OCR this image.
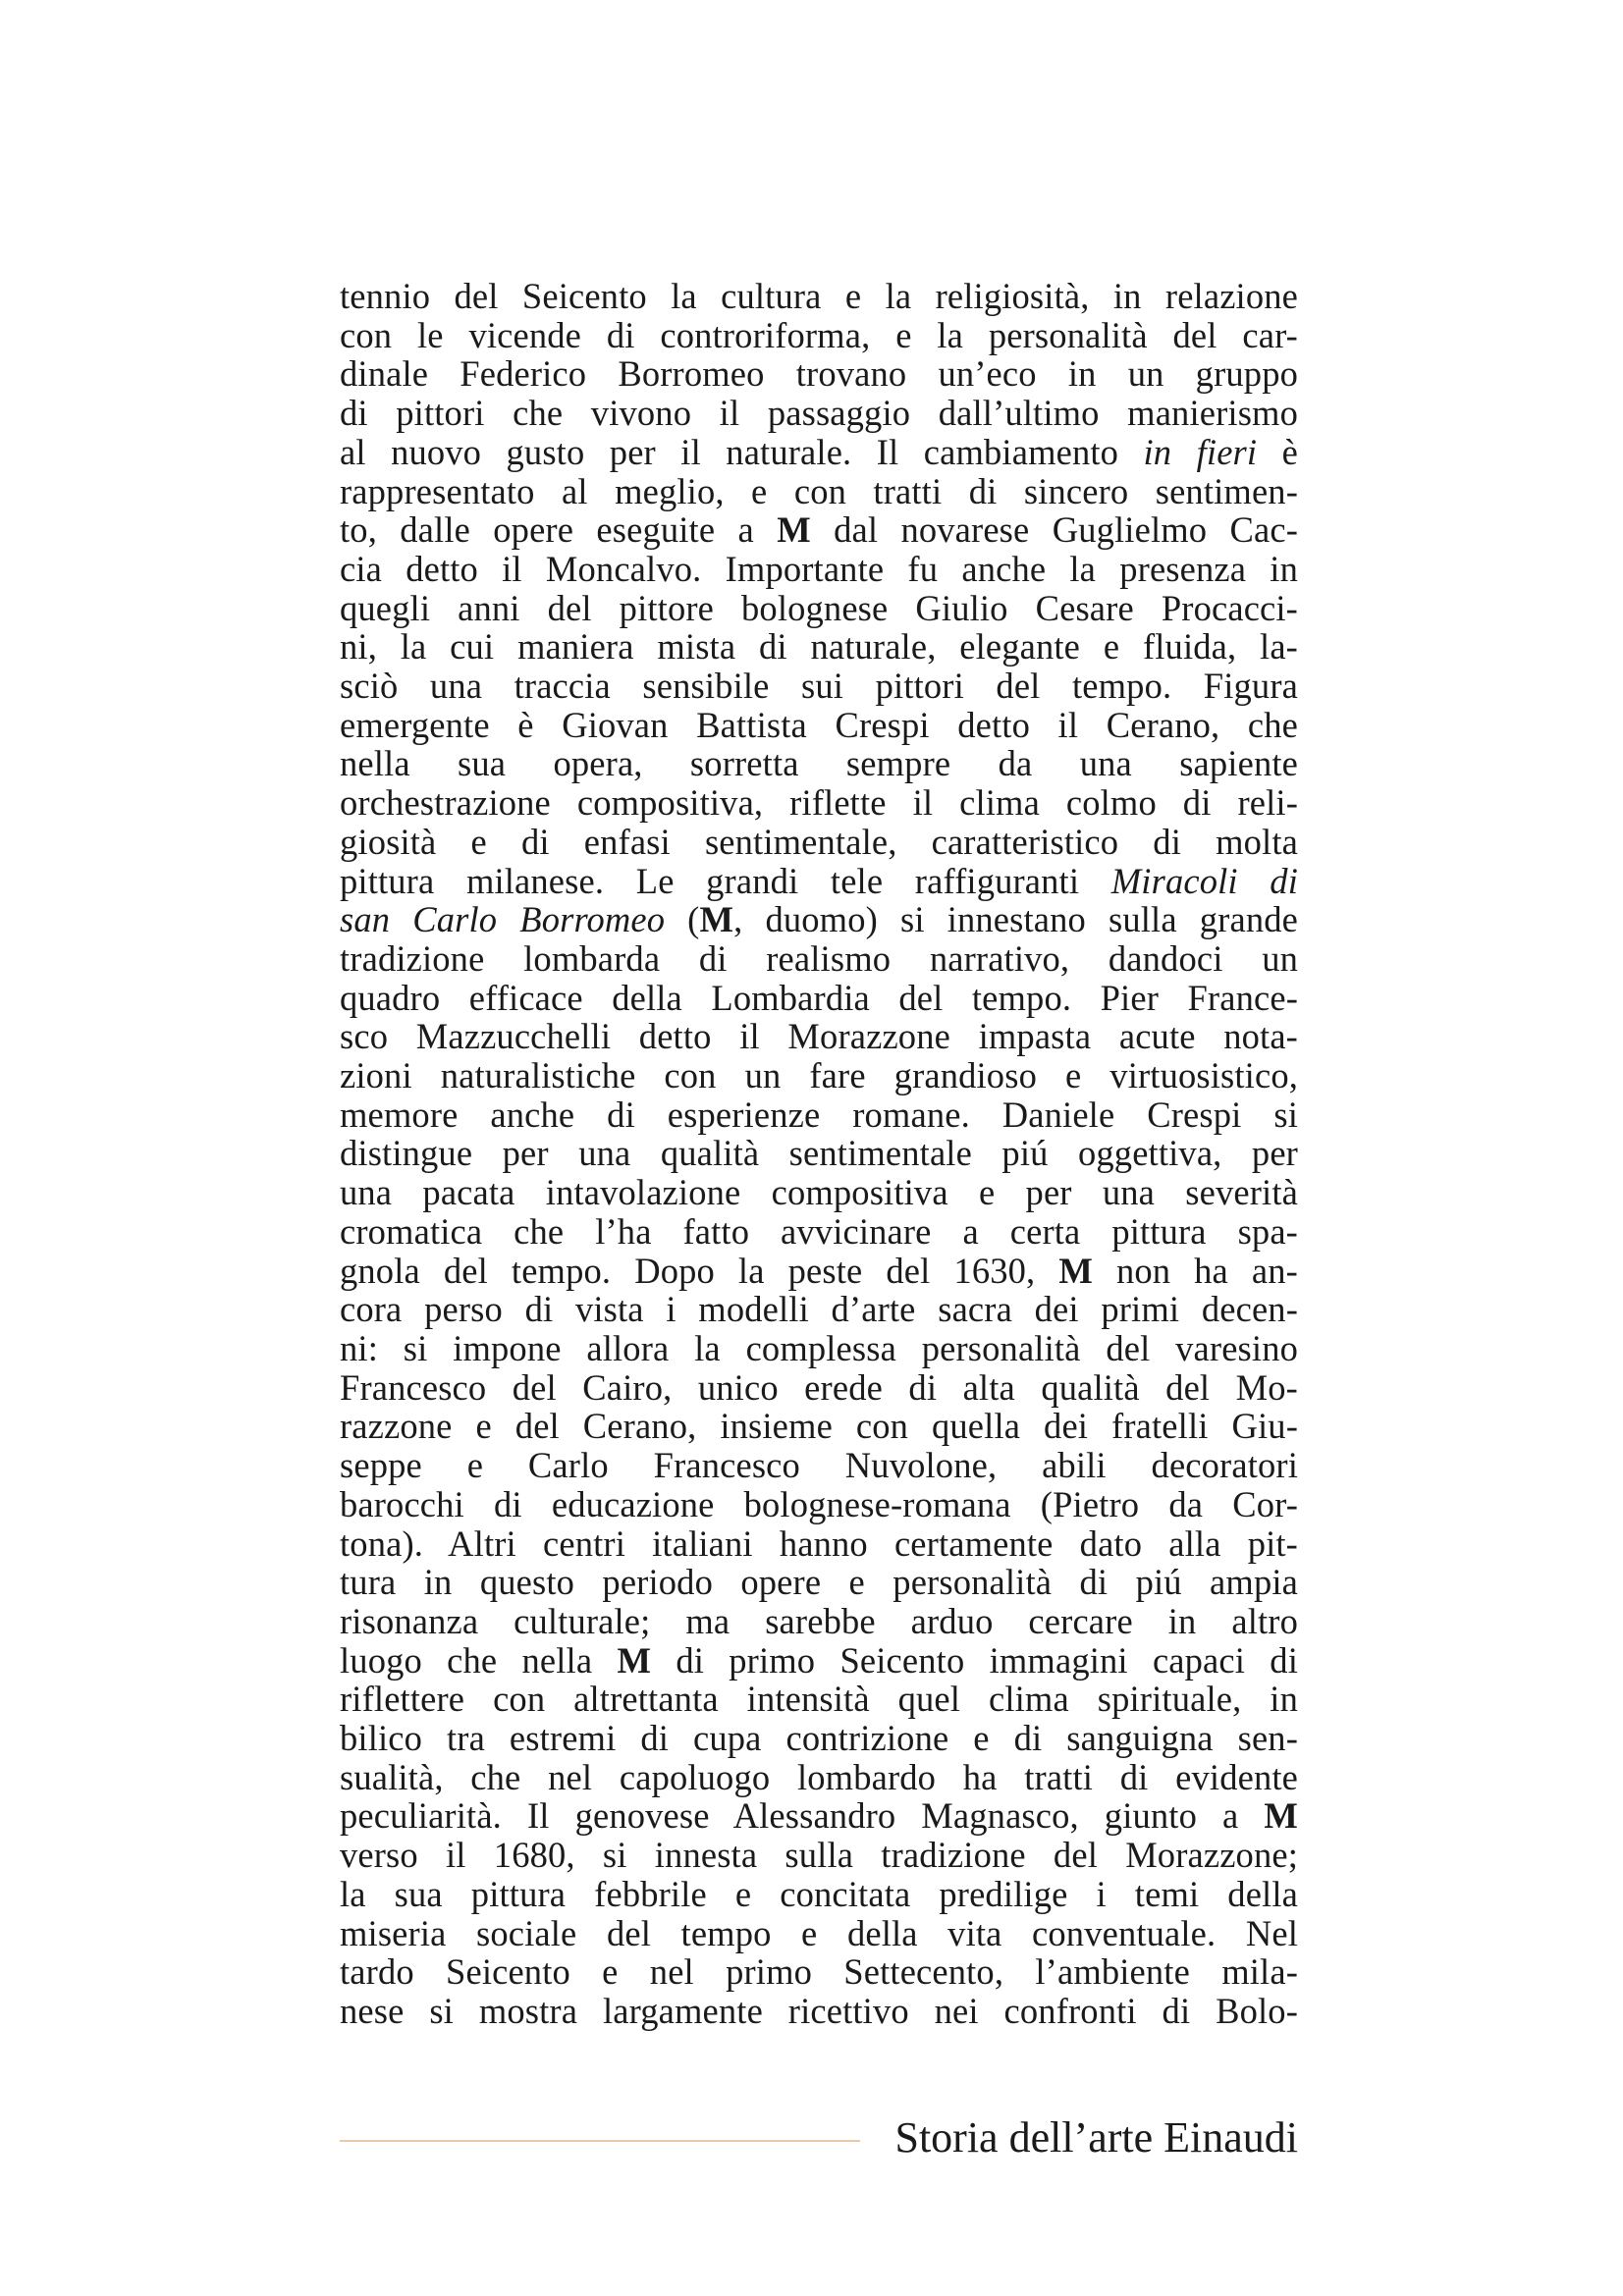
tennio del Seicento la cultura e la religiosità, in relazione
con le vicende di controriforma, e la personalità del car-
dinale Federico Borromeo trovano un’eco in un gruppo
di pittori che vivono il passaggio dall’ultimo manierismo
al nuovo gusto per il naturale. Il cambiamento in fieri è
rappresentato al meglio, e con tratti di sincero sentimen-
to, dalle opere eseguite a M dal novarese Guglielmo Cac-
cia detto il Moncalvo. Importante fu anche la presenza in
quegli anni del pittore bolognese Giulio Cesare Procacci-
ni, la cui maniera mista di naturale, elegante e fluida, la-
sciò una traccia sensibile sui pittori del tempo. Figura
emergente è Giovan Battista Crespi detto il Cerano, che
nella sua opera, sorretta sempre da una sapiente
orchestrazione compositiva, riflette il clima colmo di reli-
giosità e di enfasi sentimentale, caratteristico di molta
pittura milanese. Le grandi tele raffiguranti Miracoli di
san Carlo Borromeo (M, duomo) si innestano sulla grande
tradizione lombarda di realismo narrativo, dandoci un
quadro efficace della Lombardia del tempo. Pier France-
sco Mazzucchelli detto il Morazzone impasta acute nota-
zioni naturalistiche con un fare grandioso e virtuosistico,
memore anche di esperienze romane. Daniele Crespi si
distingue per una qualità sentimentale piú oggettiva, per
una pacata intavolazione compositiva e per una severità
cromatica che l’ha fatto avvicinare a certa pittura spa-
gnola del tempo. Dopo la peste del 1630, M non ha an-
cora perso di vista i modelli d’arte sacra dei primi decen-
ni: si impone allora la complessa personalità del varesino
Francesco del Cairo, unico erede di alta qualità del Mo-
razzone e del Cerano, insieme con quella dei fratelli Giu-
seppe e Carlo Francesco Nuvolone, abili decoratori
barocchi di educazione bolognese-romana (Pietro da Cor-
tona). Altri centri italiani hanno certamente dato alla pit-
tura in questo periodo opere e personalità di piú ampia
risonanza culturale; ma sarebbe arduo cercare in altro
luogo che nella M di primo Seicento immagini capaci di
riflettere con altrettanta intensità quel clima spirituale, in
bilico tra estremi di cupa contrizione e di sanguigna sen-
sualità, che nel capoluogo lombardo ha tratti di evidente
peculiarità. Il genovese Alessandro Magnasco, giunto a M
verso il 1680, si innesta sulla tradizione del Morazzone;
la sua pittura febbrile e concitata predilige i temi della
miseria sociale del tempo e della vita conventuale. Nel
tardo Seicento e nel primo Settecento, l’ambiente mila-
nese si mostra largamente ricettivo nei confronti di Bolo-
Storia dell’arte Einaudi
